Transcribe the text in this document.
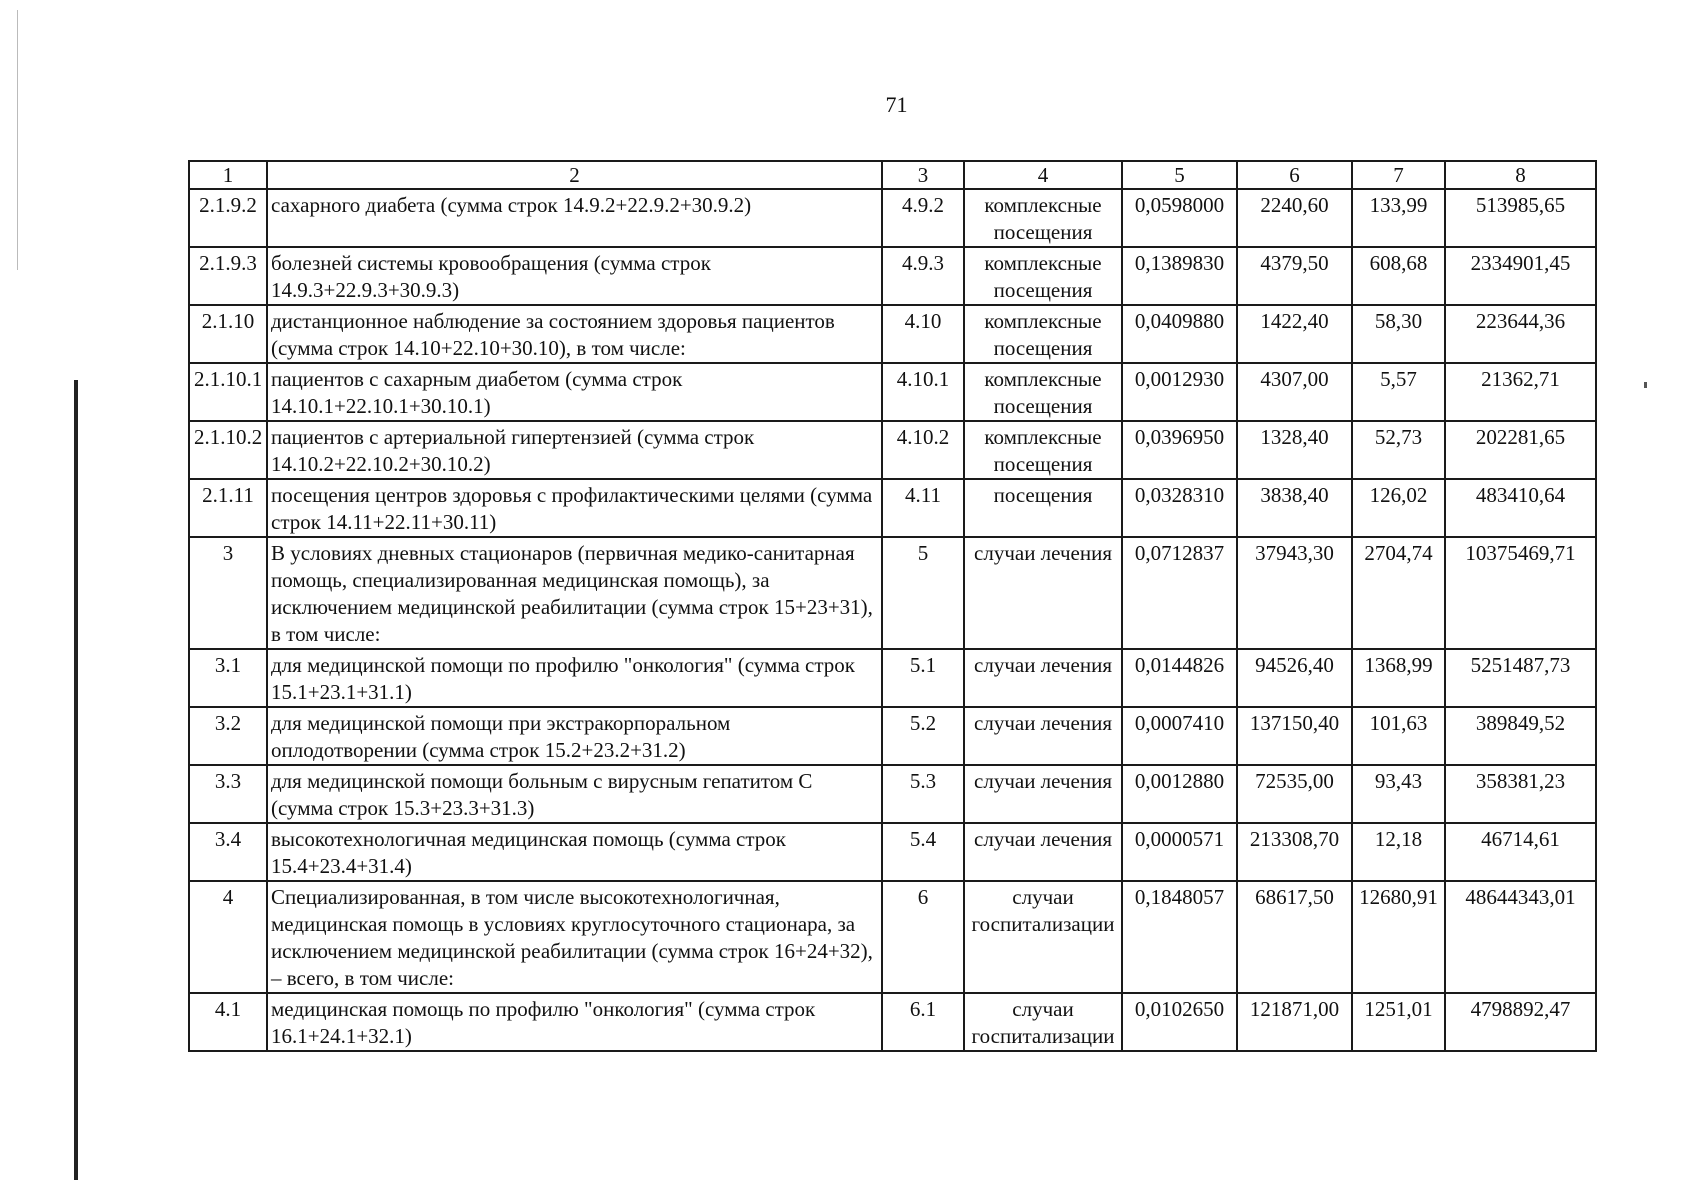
71
1	2	3	4	5	6	7	8
2.1.9.2	сахарного диабета (сумма строк 14.9.2+22.9.2+30.9.2)	4.9.2	комплексные посещения	0,0598000	2240,60	133,99	513985,65
2.1.9.3	болезней системы кровообращения (сумма строк 14.9.3+22.9.3+30.9.3)	4.9.3	комплексные посещения	0,1389830	4379,50	608,68	2334901,45
2.1.10	дистанционное наблюдение за состоянием здоровья пациентов (сумма строк 14.10+22.10+30.10), в том числе:	4.10	комплексные посещения	0,0409880	1422,40	58,30	223644,36
2.1.10.1	пациентов с сахарным диабетом (сумма строк 14.10.1+22.10.1+30.10.1)	4.10.1	комплексные посещения	0,0012930	4307,00	5,57	21362,71
2.1.10.2	пациентов с артериальной гипертензией (сумма строк 14.10.2+22.10.2+30.10.2)	4.10.2	комплексные посещения	0,0396950	1328,40	52,73	202281,65
2.1.11	посещения центров здоровья с профилактическими целями (сумма строк 14.11+22.11+30.11)	4.11	посещения	0,0328310	3838,40	126,02	483410,64
3	В условиях дневных стационаров (первичная медико-санитарная помощь, специализированная медицинская помощь), за исключением медицинской реабилитации (сумма строк 15+23+31), в том числе:	5	случаи лечения	0,0712837	37943,30	2704,74	10375469,71
3.1	для медицинской помощи по профилю "онкология" (сумма строк 15.1+23.1+31.1)	5.1	случаи лечения	0,0144826	94526,40	1368,99	5251487,73
3.2	для медицинской помощи при экстракорпоральном оплодотворении (сумма строк 15.2+23.2+31.2)	5.2	случаи лечения	0,0007410	137150,40	101,63	389849,52
3.3	для медицинской помощи больным с вирусным гепатитом С (сумма строк 15.3+23.3+31.3)	5.3	случаи лечения	0,0012880	72535,00	93,43	358381,23
3.4	высокотехнологичная медицинская помощь (сумма строк 15.4+23.4+31.4)	5.4	случаи лечения	0,0000571	213308,70	12,18	46714,61
4	Специализированная, в том числе высокотехнологичная, медицинская помощь в условиях круглосуточного стационара, за исключением медицинской реабилитации (сумма строк 16+24+32), – всего, в том числе:	6	случаи госпитализации	0,1848057	68617,50	12680,91	48644343,01
4.1	медицинская помощь по профилю "онкология" (сумма строк 16.1+24.1+32.1)	6.1	случаи госпитализации	0,0102650	121871,00	1251,01	4798892,47
